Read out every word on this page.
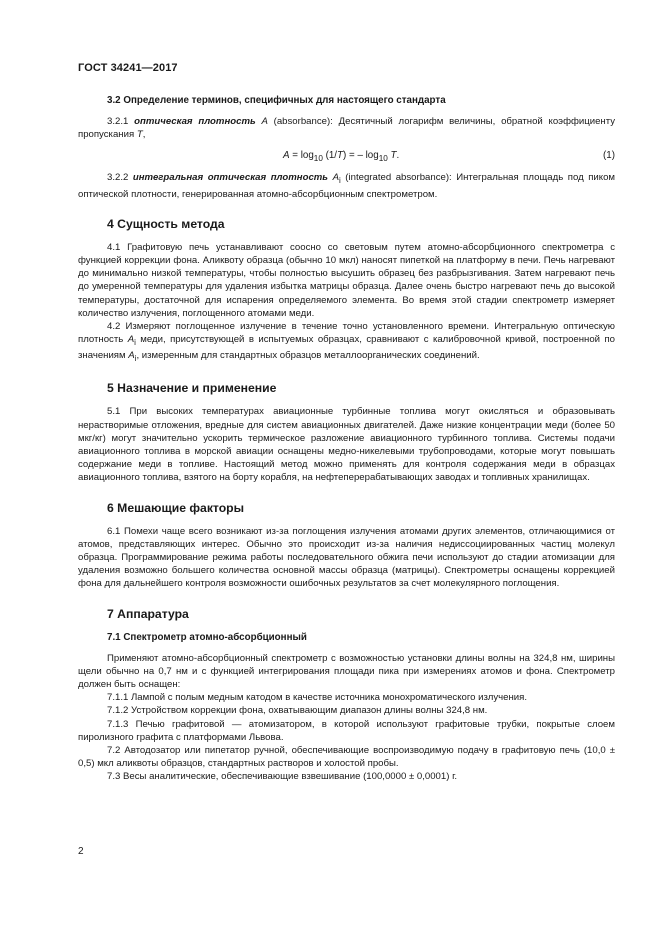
ГОСТ 34241—2017
3.2 Определение терминов, специфичных для настоящего стандарта

3.2.1 оптическая плотность A (absorbance): Десятичный логарифм величины, обратной коэффициенту пропускания T,

$A = \log_{10} (1/T)$ = – $\log_{10} T$.	(1)

3.2.2 интегральная оптическая плотность $A_i$ (integrated absorbance): Интегральная площадь под пиком оптической плотности, генерированная атомно-абсорбционным спектрометром.

4 Сущность метода

4.1 Графитовую печь устанавливают соосно со световым путем атомно-абсорбционного спектрометра с функцией коррекции фона. Аликвоту образца (обычно 10 мкл) наносят пипеткой на платформу в печи. Печь нагревают до минимально низкой температуры, чтобы полностью высушить образец без разбрызгивания. Затем нагревают печь до умеренной температуры для удаления избытка матрицы образца. Далее очень быстро нагревают печь до высокой температуры, достаточной для испарения определяемого элемента. Во время этой стадии спектрометр измеряет количество излучения, поглощенного атомами меди.

4.2 Измеряют поглощенное излучение в течение точно установленного времени. Интегральную оптическую плотность $A_i$ меди, присутствующей в испытуемых образцах, сравнивают с калибровочной кривой, построенной по значениям $A_i$, измеренным для стандартных образцов металлоорганических соединений.

5 Назначение и применение

5.1 При высоких температурах авиационные турбинные топлива могут окисляться и образовывать нерастворимые отложения, вредные для систем авиационных двигателей. Даже низкие концентрации меди (более 50 мкг/кг) могут значительно ускорить термическое разложение авиационного турбинного топлива. Системы подачи авиационного топлива в морской авиации оснащены медно-никелевыми трубопроводами, которые могут повышать содержание меди в топливе. Настоящий метод можно применять для контроля содержания меди в образцах авиационного топлива, взятого на борту корабля, на нефтеперерабатывающих заводах и топливных хранилищах.

6 Мешающие факторы

6.1 Помехи чаще всего возникают из-за поглощения излучения атомами других элементов, отличающимися от атомов, представляющих интерес. Обычно это происходит из-за наличия недиссоциированных частиц молекул образца. Программирование режима работы последовательного обжига печи используют до стадии атомизации для удаления возможно большего количества основной массы образца (матрицы). Спектрометры оснащены коррекцией фона для дальнейшего контроля возможности ошибочных результатов за счет молекулярного поглощения.

7 Аппаратура
7.1 Спектрометр атомно-абсорбционный

Применяют атомно-абсорбционный спектрометр с возможностью установки длины волны на 324,8 нм, ширины щели обычно на 0,7 нм и с функцией интегрирования площади пика при измерениях атомов и фона. Спектрометр должен быть оснащен:

7.1.1 Лампой с полым медным катодом в качестве источника монохроматического излучения.

7.1.2 Устройством коррекции фона, охватывающим диапазон длины волны 324,8 нм.

7.1.3 Печью графитовой — атомизатором, в которой используют графитовые трубки, покрытые слоем пиролизного графита с платформами Львова.

7.2 Автодозатор или пипетатор ручной, обеспечивающие воспроизводимую подачу в графитовую печь (10,0 ± 0,5) мкл аликвоты образцов, стандартных растворов и холостой пробы.

7.3 Весы аналитические, обеспечивающие взвешивание (100,0000 ± 0,0001) г.

2
